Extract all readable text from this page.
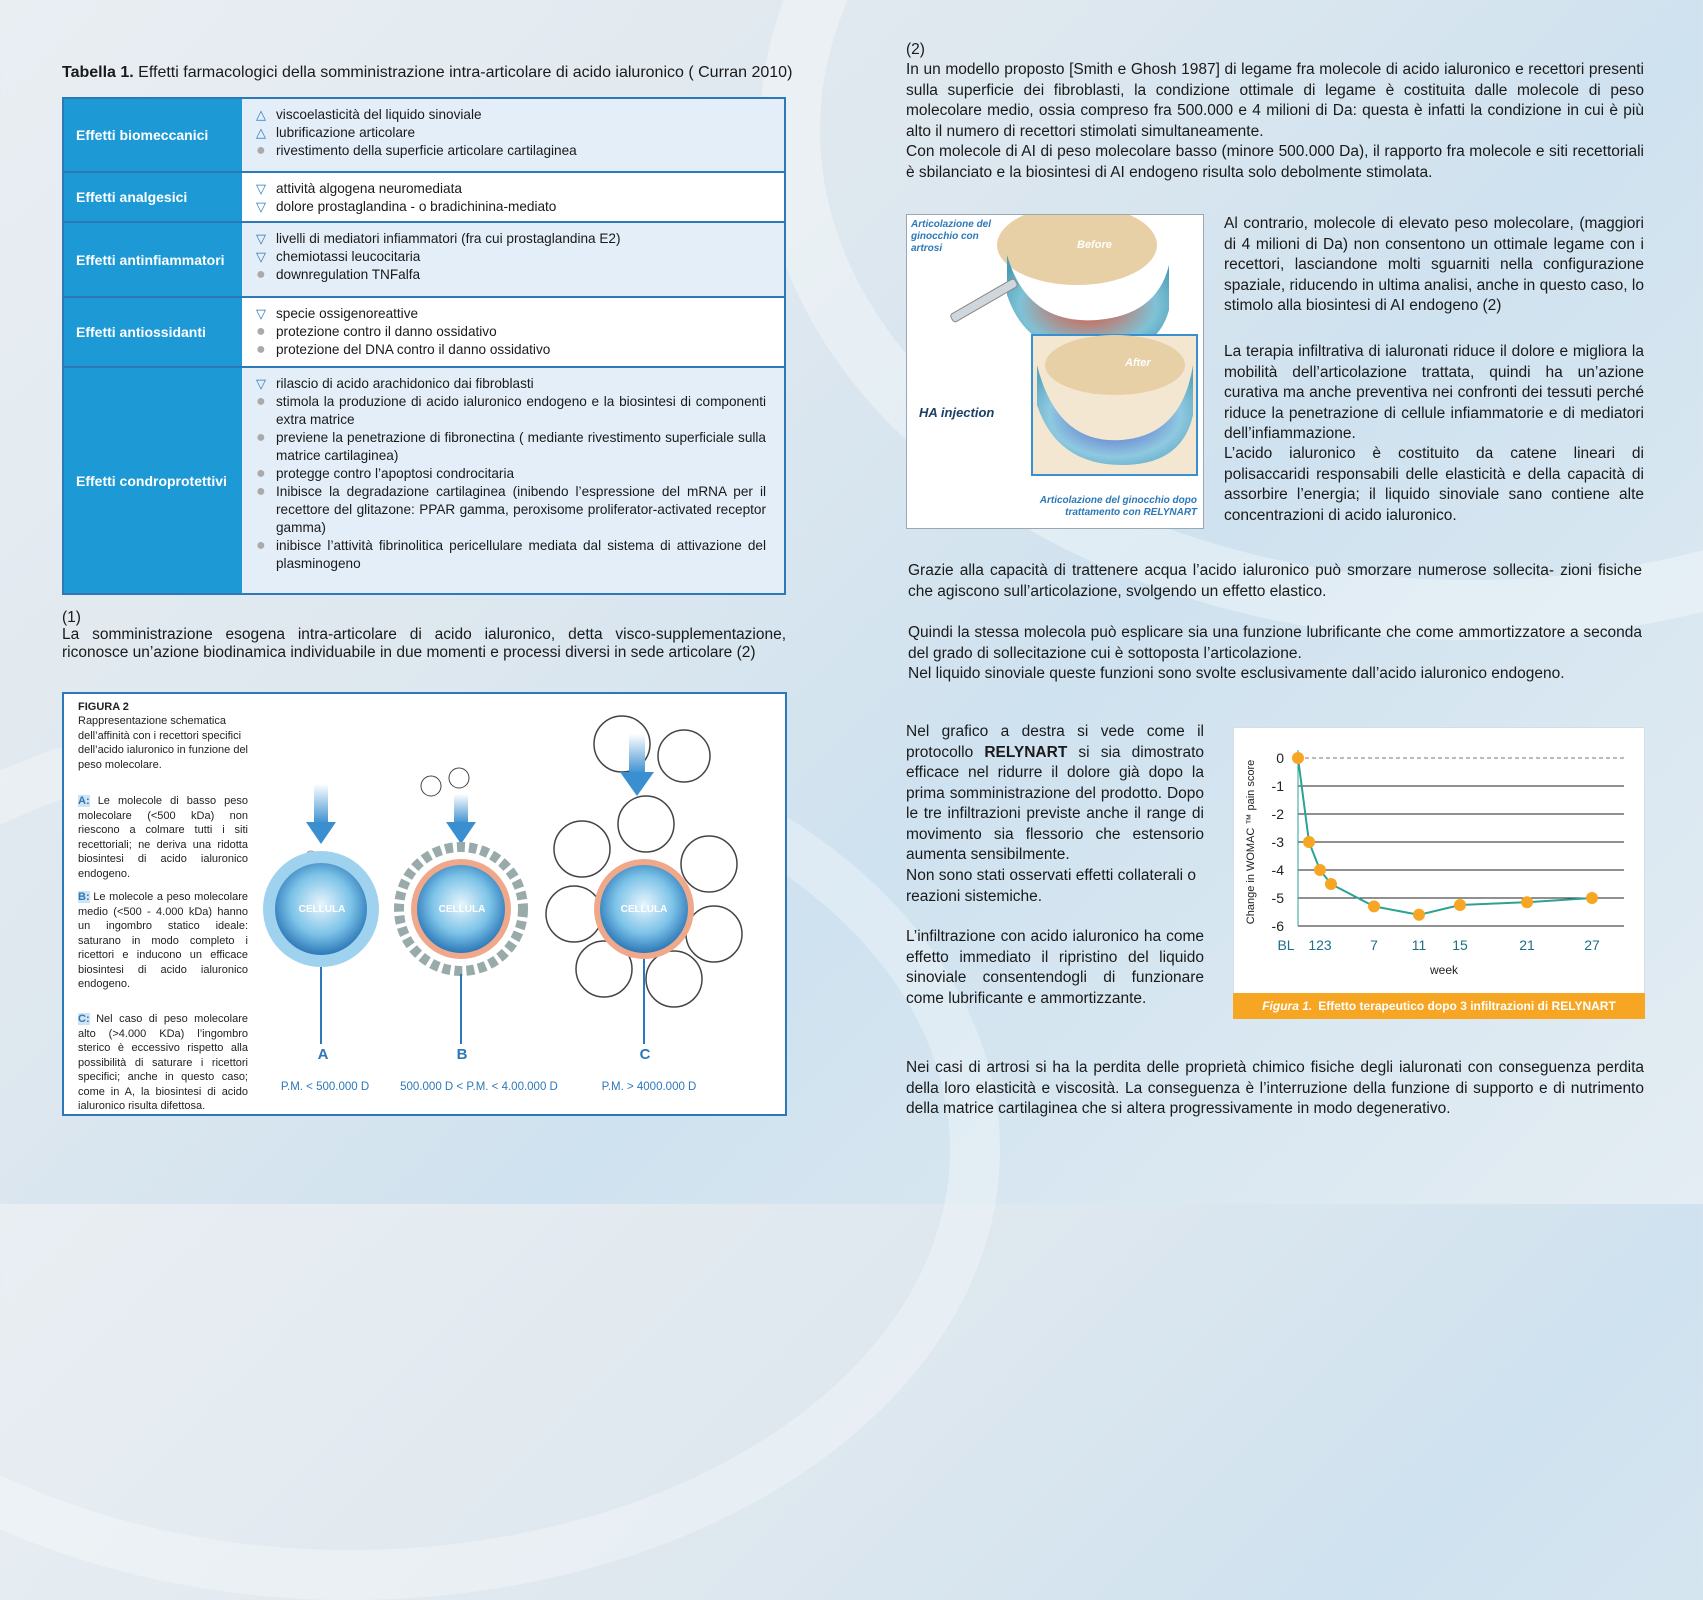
Tabella 1. Effetti farmacologici della somministrazione intra-articolare di acido ialuronico ( Curran 2010)
Effetti biomeccanici
△ viscoelasticità del liquido sinoviale
△ lubrificazione articolare
● rivestimento della superficie articolare cartilaginea
Effetti analgesici
▽ attività algogena neuromediata
▽ dolore prostaglandina - o bradichinina-mediato
Effetti antinfiammatori
▽ livelli di mediatori infiammatori (fra cui prostaglandina E2)
▽ chemiotassi leucocitaria
● downregulation TNFalfa
Effetti antiossidanti
▽ specie ossigenoreattive
● protezione contro il danno ossidativo
● protezione del DNA contro il danno ossidativo
Effetti condroprotettivi
▽ rilascio di acido arachidonico dai fibroblasti
● stimola la produzione di acido ialuronico endogeno e la biosintesi di componenti extra matrice
● previene la penetrazione di fibronectina ( mediante rivestimento superficiale sulla matrice cartilaginea)
● protegge contro l’apoptosi condrocitaria
● Inibisce la degradazione cartilaginea (inibendo l’espressione del mRNA per il recettore del glitazone: PPAR gamma, peroxisome proliferator-activated receptor gamma)
● inibisce l’attività fibrinolitica pericellulare mediata dal sistema di attivazione del plasminogeno
(1)
La somministrazione esogena intra-articolare di acido ialuronico, detta visco-supplementazione, riconosce un’azione biodinamica individuabile in due momenti e processi diversi in sede articolare (2)
FIGURA 2
Rappresentazione schematica dell’affinità con i recettori specifici dell’acido ialuronico in funzione del peso molecolare.
A: Le molecole di basso peso molecolare (<500 kDa) non riescono a colmare tutti i siti recettoriali; ne deriva una ridotta biosintesi di acido ialuronico endogeno.
B: Le molecole a peso molecolare medio (<500 - 4.000 kDa) hanno un ingombro statico ideale: saturano in modo completo i ricettori e inducono un efficace biosintesi di acido ialuronico endogeno.
C: Nel caso di peso molecolare alto (>4.000 KDa) l’ingombro sterico è eccessivo rispetto alla possibilità di saturare i ricettori specifici; anche in questo caso; come in A, la biosintesi di acido ialuronico risulta difettosa.
CELLULA	CELLULA	CELLULA
A	B	C
P.M. < 500.000 D	500.000 D < P.M. < 4.00.000 D	P.M. > 4000.000 D
(2)
In un modello proposto [Smith e Ghosh 1987] di legame fra molecole di acido ialuronico e recettori presenti sulla superficie dei fibroblasti, la condizione ottimale di legame è costituita dalle molecole di peso molecolare medio, ossia compreso fra 500.000 e 4 milioni di Da: questa è infatti la condizione in cui è più alto il numero di recettori stimolati simultaneamente.
Con molecole di AI di peso molecolare basso (minore 500.000 Da), il rapporto fra molecole e siti recettoriali è sbilanciato e la biosintesi di AI endogeno risulta solo debolmente stimolata.
Articolazione del ginocchio con artrosi	Before
After
HA injection
Articolazione del ginocchio dopo trattamento con RELYNART
Al contrario, molecole di elevato peso molecolare, (maggiori di 4 milioni di Da) non consentono un ottimale legame con i recettori, lasciandone molti sguarniti nella configurazione spaziale, riducendo in ultima analisi, anche in questo caso, lo stimolo alla biosintesi di AI endogeno (2)
La terapia infiltrativa di ialuronati riduce il dolore e migliora la mobilità dell’articolazione trattata, quindi ha un’azione curativa ma anche preventiva nei confronti dei tessuti perché riduce la penetrazione di cellule infiammatorie e di mediatori dell’infiammazione.
L’acido ialuronico è costituito da catene lineari di polisaccaridi responsabili delle elasticità e della capacità di assorbire l’energia; il liquido sinoviale sano contiene alte concentrazioni di acido ialuronico.
Grazie alla capacità di trattenere acqua l’acido ialuronico può smorzare numerose sollecita- zioni fisiche che agiscono sull’articolazione, svolgendo un effetto elastico.
Quindi la stessa molecola può esplicare sia una funzione lubrificante che come ammortizzatore a seconda del grado di sollecitazione cui è sottoposta l’articolazione.
Nel liquido sinoviale queste funzioni sono svolte esclusivamente dall’acido ialuronico endogeno.
Nel grafico a destra si vede come il protocollo RELYNART si sia dimostrato efficace nel ridurre il dolore già dopo la prima somministrazione del prodotto. Dopo le tre infiltrazioni previste anche il range di movimento sia flessorio che estensorio aumenta sensibilmente.
Non sono stati osservati effetti collaterali o reazioni sistemiche.
L’infiltrazione con acido ialuronico ha come effetto immediato il ripristino del liquido sinoviale consentendogli di funzionare come lubrificante e ammortizzante.
0
-1
-2
-3
-4
-5
-6
BL 123	7 11 15	21	27
week
Change in WOMAC ™ pain score
Figura 1. Effetto terapeutico dopo 3 infiltrazioni di RELYNART
Nei casi di artrosi si ha la perdita delle proprietà chimico fisiche degli ialuronati con conseguenza perdita della loro elasticità e viscosità. La conseguenza è l’interruzione della funzione di supporto e di nutrimento della matrice cartilaginea che si altera progressivamente in modo degenerativo.
